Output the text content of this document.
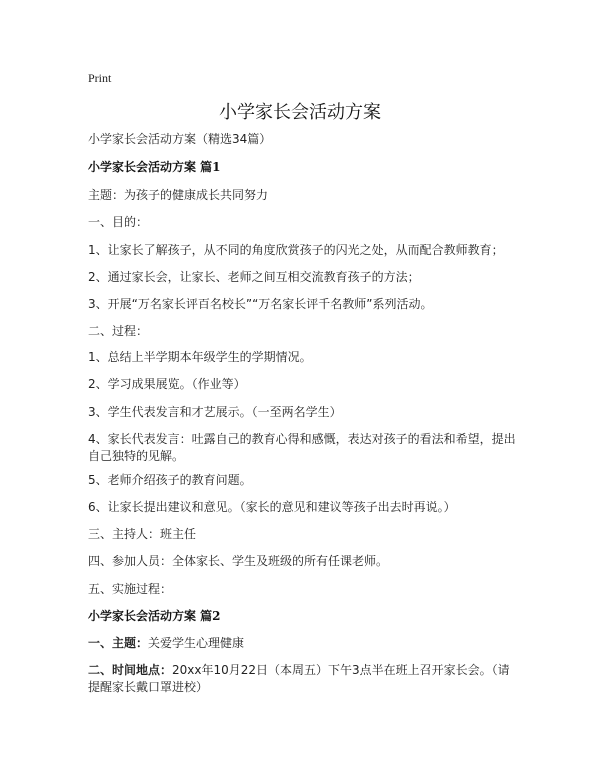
Print
小学家长会活动方案
小学家长会活动方案（精选34篇）
小学家长会活动方案 篇1
主题：为孩子的健康成长共同努力
一、目的：
1、让家长了解孩子，从不同的角度欣赏孩子的闪光之处，从而配合教师教育；
2、通过家长会，让家长、老师之间互相交流教育孩子的方法；
3、开展“万名家长评百名校长”“万名家长评千名教师”系列活动。
二、过程：
1、总结上半学期本年级学生的学期情况。
2、学习成果展览。（作业等）
3、学生代表发言和才艺展示。（一至两名学生）
4、家长代表发言：吐露自己的教育心得和感慨，表达对孩子的看法和希望，提出自己独特的见解。
5、老师介绍孩子的教育问题。
6、让家长提出建议和意见。（家长的意见和建议等孩子出去时再说。）
三、主持人：班主任
四、参加人员：全体家长、学生及班级的所有任课老师。
五、实施过程：
小学家长会活动方案 篇2
一、主题：关爱学生心理健康
二、时间地点：20xx年10月22日（本周五）下午3点半在班上召开家长会。（请提醒家长戴口罩进校）
